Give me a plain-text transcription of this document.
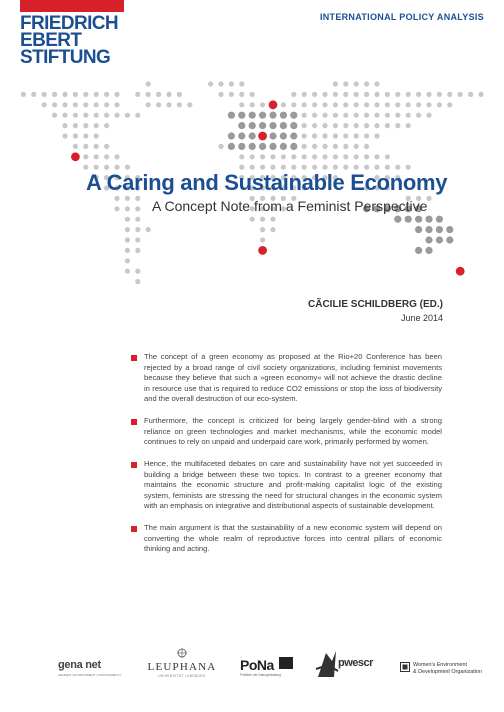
FRIEDRICH
EBERT
STIFTUNG
INTERNATIONAL POLICY ANALYSIS
A Caring and Sustainable Economy
A Concept Note from a Feminist Perspective
CÃCILIE SCHILDBERG (ED.)
June 2014
The concept of a green economy as proposed at the Rio+20 Conference has been rejected by a broad range of civil society organizations, including feminist movements because they believe that such a »green economy« will not achieve the drastic decline in resource use that is required to reduce CO2 emissions or stop the loss of biodiversity and the overall destruction of our eco-system.
Furthermore, the concept is criticized for being largely gender-blind with a strong reliance on green technologies and market mechanisms, while the economic model continues to rely on unpaid and underpaid care work, primarily performed by women.
Hence, the multifaceted debates on care and sustainability have not yet succeeded in building a bridge between these two topics. In contrast to a greener economy that maintains the economic structure and profit-making capitalist logic of the existing system, feminists are stressing the need for structural changes in the economic system with an emphasis on integrative and distributional aspects of sustainable development.
The main argument is that the sustainability of a new economic system will depend on converting the whole realm of reproductive forces into central pillars of economic thinking and acting.
gena net
GENDER | ENVIRONMENT | SUSTAINABILITY
LEUPHANA
UNIVERSITÄT LÜNEBURG
PoNa
Politiken der Naturgestaltung
pwescr	Women's Environment
& Development Organization
